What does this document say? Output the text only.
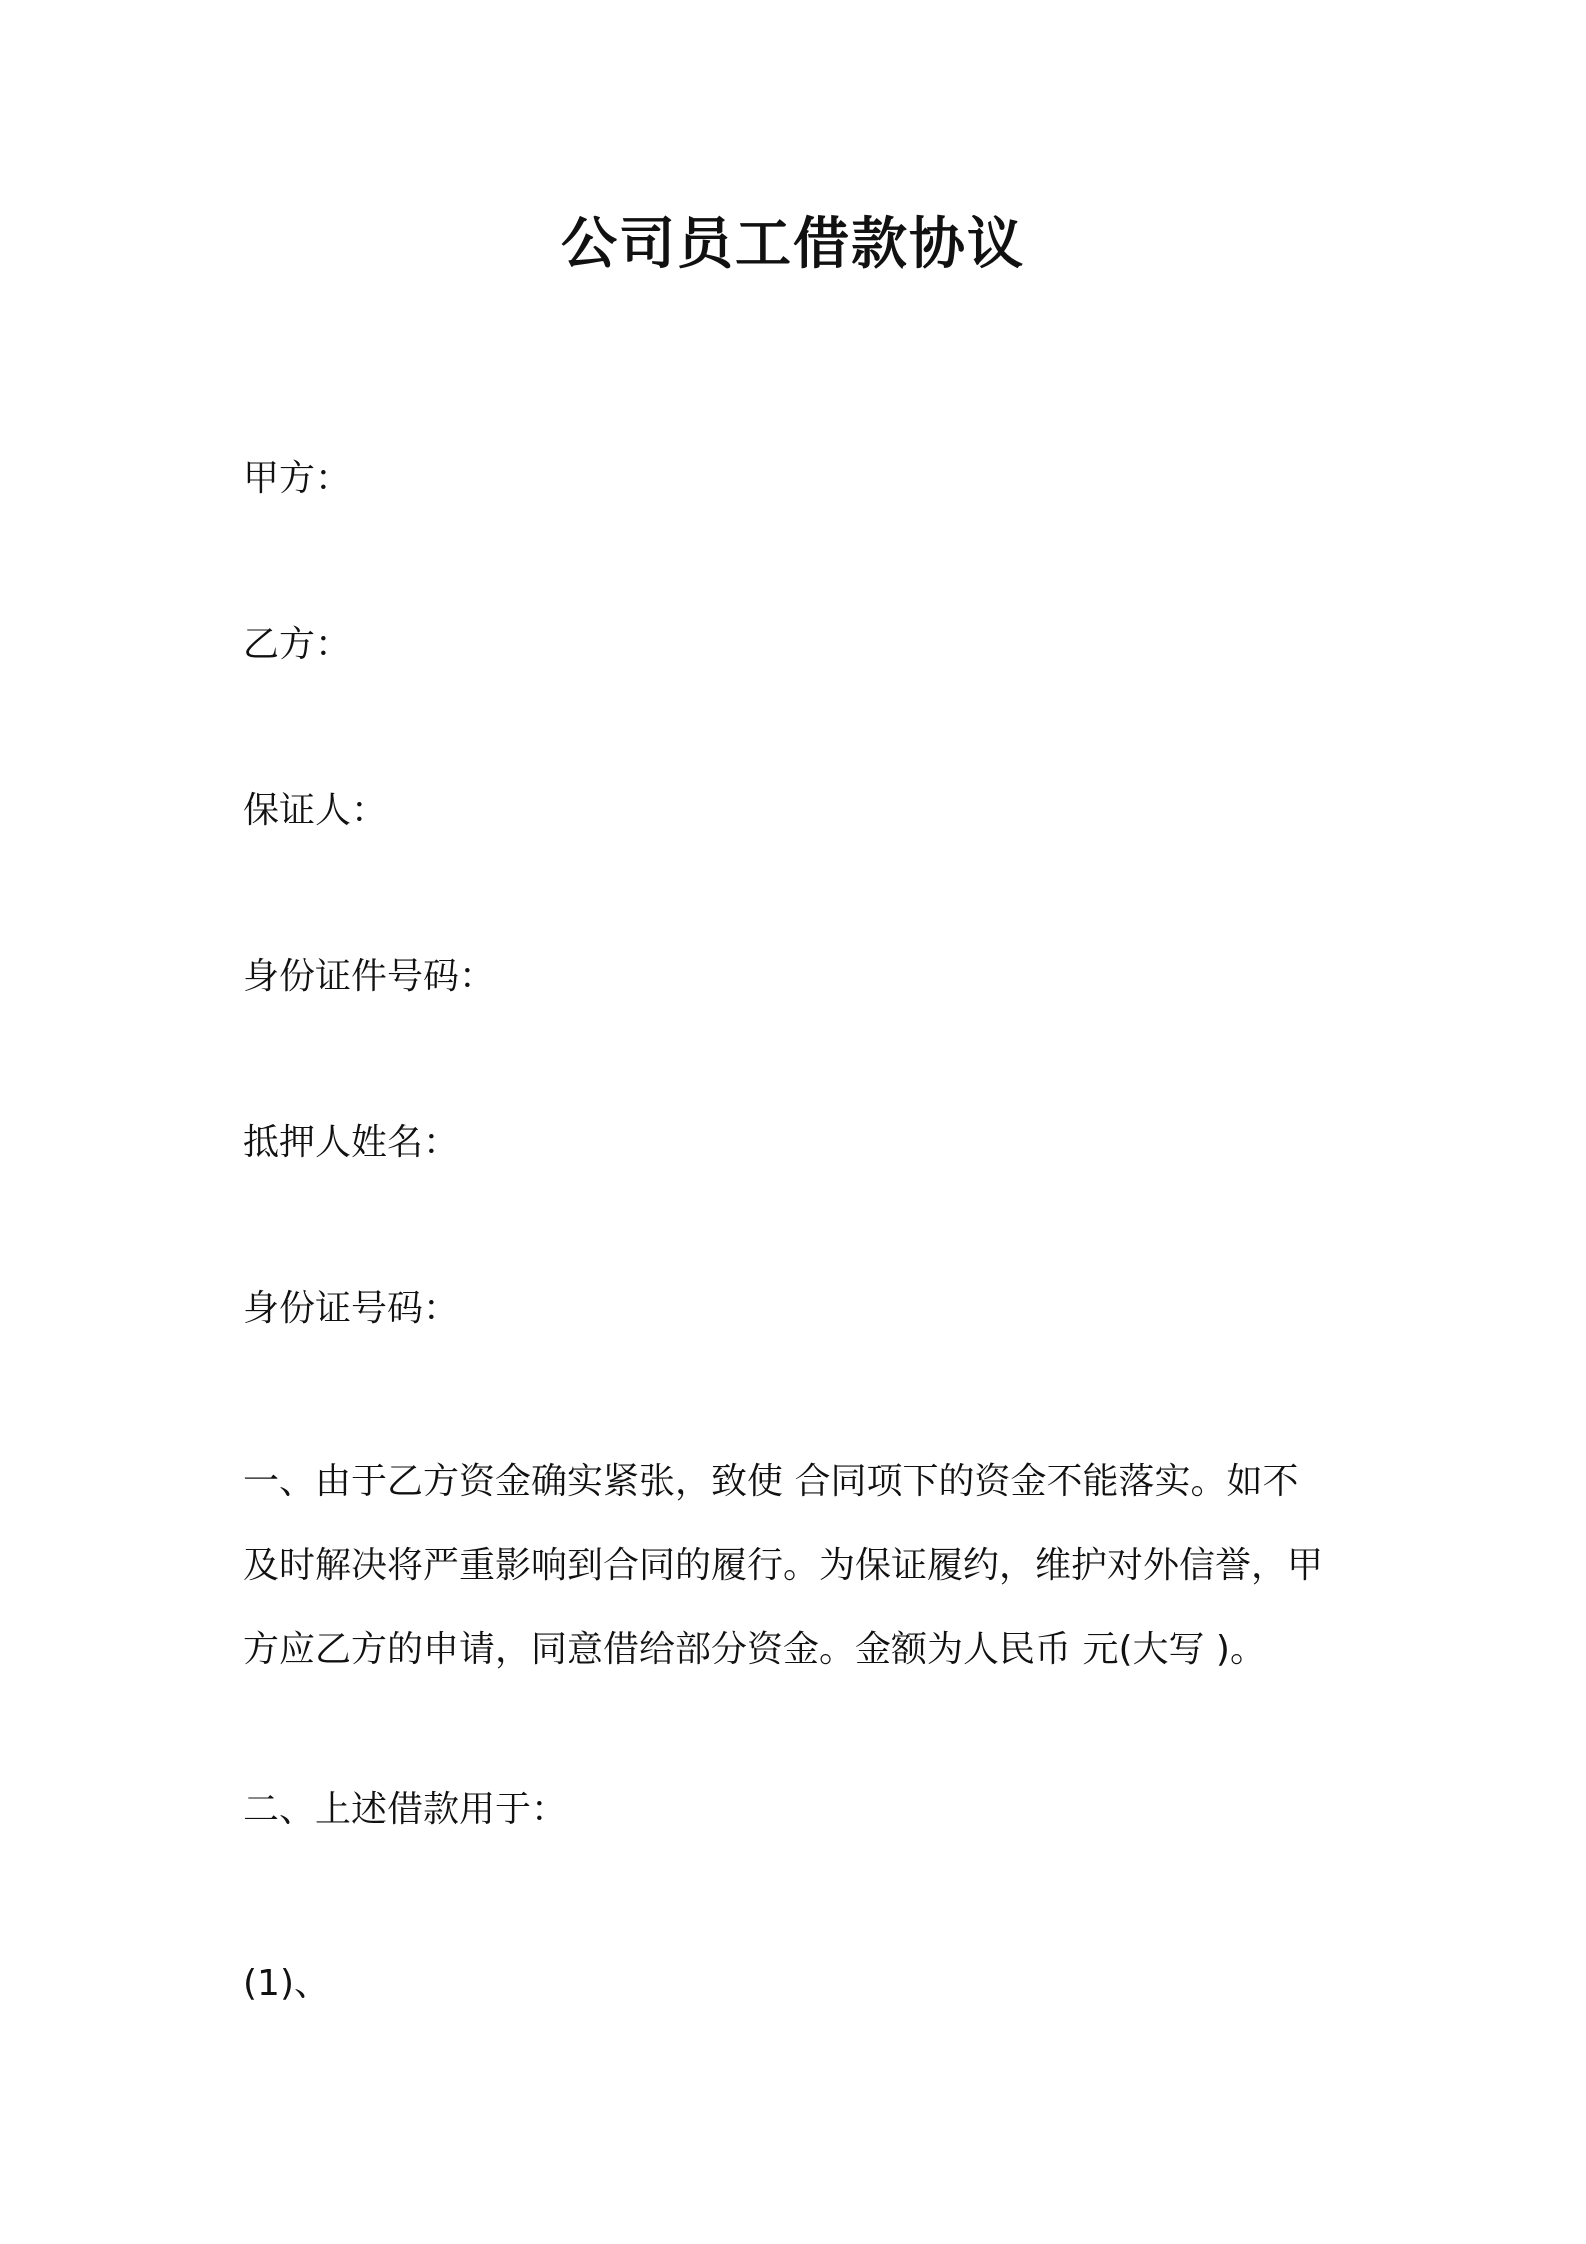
公司员工借款协议

甲方：

乙方：

保证人：

身份证件号码：

抵押人姓名：

身份证号码：

一、由于乙方资金确实紧张，致使 合同项下的资金不能落实。如不
及时解决将严重影响到合同的履行。为保证履约，维护对外信誉，甲
方应乙方的申请，同意借给部分资金。金额为人民币 元(大写 )。

二、上述借款用于：

(1)、
